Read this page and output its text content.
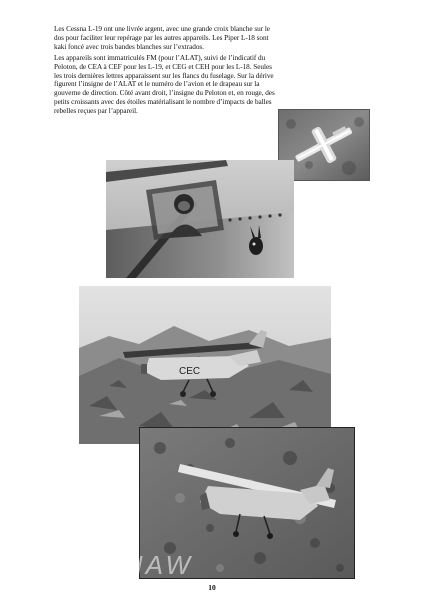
Les Cessna L-19 ont une livrée argent, avec une grande croix blanche sur le dos pour faciliter leur repérage par les autres appareils. Les Piper L-18 sont kaki foncé avec trois bandes blanches sur l’extrados.

Les appareils sont immatriculés FM (pour l’ALAT), suivi de l’indicatif du Peloton, de CEA à CEF pour les L-19, et CEG et CEH pour les L-18. Seules les trois dernières lettres apparaissent sur les flancs du fuselage. Sur la dérive figurent l’insigne de l’ALAT et le numéro de l’avion et le drapeau sur la gouverne de direction. Côté avant droit, l’insigne du Peloton et, en rouge, des petits croissants avec des étoiles matérialisant le nombre d’impacts de balles rebelles reçues par l’appareil.

CEC
LENAW
10
